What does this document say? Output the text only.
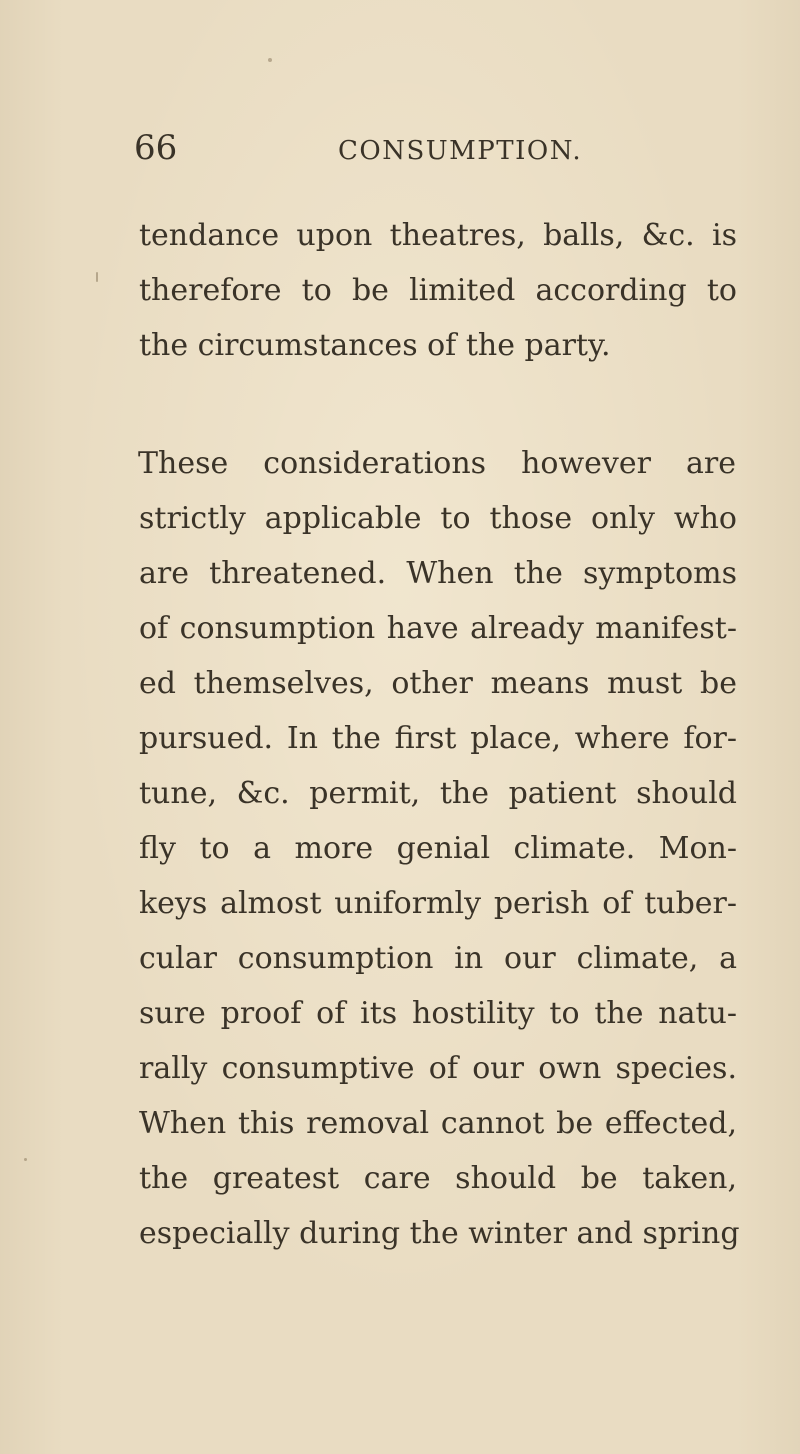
66	CONSUMPTION.
tendance upon theatres, balls, &c. is
therefore to be limited according to
the circumstances of the party.
These considerations however are
strictly applicable to those only who
are threatened. When the symptoms
of consumption have already manifest-
ed themselves, other means must be
pursued. In the first place, where for-
tune, &c. permit, the patient should
fly to a more genial climate. Mon-
keys almost uniformly perish of tuber-
cular consumption in our climate, a
sure proof of its hostility to the natu-
rally consumptive of our own species.
When this removal cannot be effected,
the greatest care should be taken,
especially during the winter and spring
